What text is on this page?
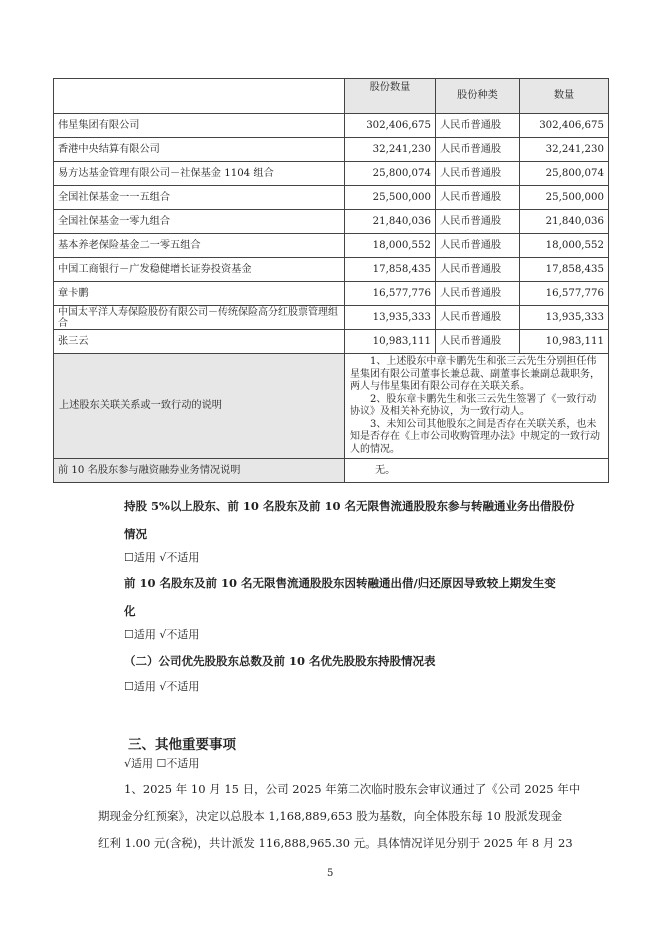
	股份数量	股份种类	数量
伟星集团有限公司	302,406,675	人民币普通股	302,406,675
香港中央结算有限公司	32,241,230	人民币普通股	32,241,230
易方达基金管理有限公司－社保基金 1104 组合	25,800,074	人民币普通股	25,800,074
全国社保基金一一五组合	25,500,000	人民币普通股	25,500,000
全国社保基金一零九组合	21,840,036	人民币普通股	21,840,036
基本养老保险基金二一零五组合	18,000,552	人民币普通股	18,000,552
中国工商银行－广发稳健增长证券投资基金	17,858,435	人民币普通股	17,858,435
章卡鹏	16,577,776	人民币普通股	16,577,776
中国太平洋人寿保险股份有限公司－传统保险高分红股票管理组合	13,935,333	人民币普通股	13,935,333
张三云	10,983,111	人民币普通股	10,983,111
上述股东关联关系或一致行动的说明	1、上述股东中章卡鹏先生和张三云先生分别担任伟星集团有限公司董事长兼总裁、副董事长兼副总裁职务，两人与伟星集团有限公司存在关联关系。
2、股东章卡鹏先生和张三云先生签署了《一致行动协议》及相关补充协议，为一致行动人。
3、未知公司其他股东之间是否存在关联关系，也未知是否存在《上市公司收购管理办法》中规定的一致行动人的情况。		

前 10 名股东参与融资融券业务情况说明	无。		
持股 5%以上股东、前 10 名股东及前 10 名无限售流通股股东参与转融通业务出借股份
情况
☐适用 √不适用
前 10 名股东及前 10 名无限售流通股股东因转融通出借/归还原因导致较上期发生变
化
☐适用 √不适用
（二）公司优先股股东总数及前 10 名优先股股东持股情况表
☐适用 √不适用
三、其他重要事项
√适用 ☐不适用
1、2025 年 10 月 15 日，公司 2025 年第二次临时股东会审议通过了《公司 2025 年中
期现金分红预案》，决定以总股本 1,168,889,653 股为基数，向全体股东每 10 股派发现金
红利 1.00 元(含税)，共计派发 116,888,965.30 元。具体情况详见分别于 2025 年 8 月 23
5
